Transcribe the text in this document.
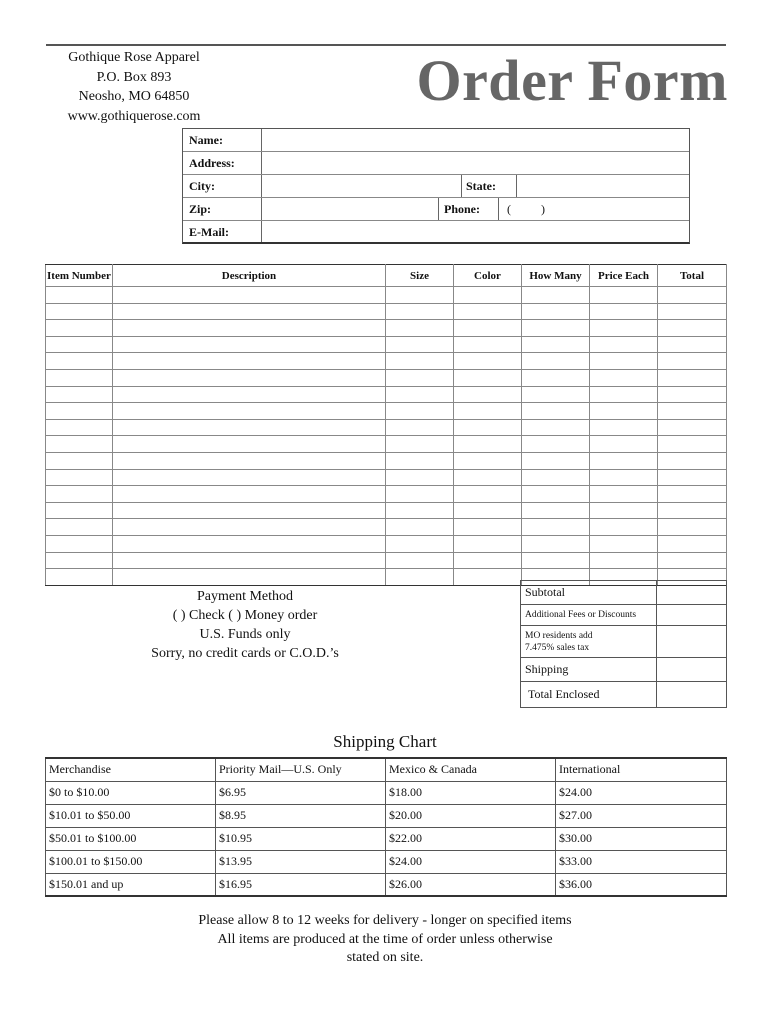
Gothique Rose Apparel
P.O. Box 893
Neosho, MO 64850
www.gothiquerose.com
Order Form
Name:
Address:
City:	State:
Zip:	Phone: (          )
E-Mail:
Item Number	Description	Size	Color	How Many	Price Each	Total

Payment Method
( ) Check ( ) Money order
U.S. Funds only
Sorry, no credit cards or C.O.D.’s
Subtotal	
Additional Fees or Discounts	

MO residents add
7.475% sales tax	

Shipping	
Total Enclosed	
Shipping Chart
Merchandise	Priority Mail—U.S. Only	Mexico & Canada	International
$0 to $10.00	$6.95	$18.00	$24.00
$10.01 to $50.00	$8.95	$20.00	$27.00
$50.01 to $100.00	$10.95	$22.00	$30.00
$100.01 to $150.00	$13.95	$24.00	$33.00
$150.01 and up	$16.95	$26.00	$36.00
Please allow 8 to 12 weeks for delivery - longer on specified items
All items are produced at the time of order unless otherwise
stated on site.
